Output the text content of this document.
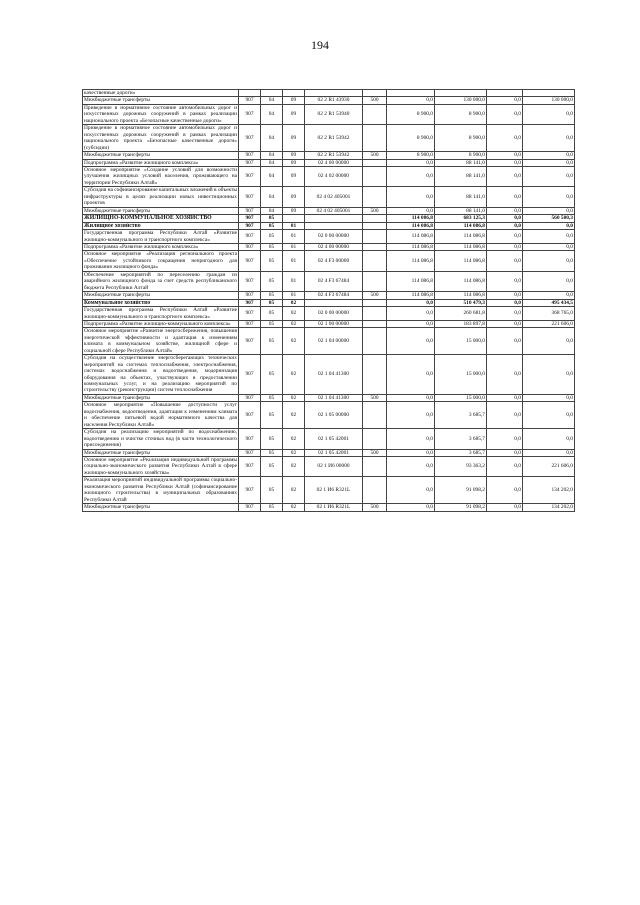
194
качественные дороги»									
Межбюджетные трансферты	907	04	09	02 2 R1 43930	500	0,0	130 000,0	0,0	130 000,0
Приведение в нормативное состояние автомобильных дорог и искусственных дорожных сооружений в рамках реализации национального проекта «Безопасные качественные дороги»	907	04	09	02 2 R1 53940		8 900,0	8 900,0	0,0	0,0
Приведение в нормативное состояние автомобильных дорог и искусственных дорожных сооружений в рамках реализации национального проекта «Безопасные качественные дороги» (субсидии)	907	04	09	02 2 R1 53942		8 900,0	8 900,0	0,0	0,0
Межбюджетные трансферты	907	04	09	02 2 R1 53942	500	8 900,0	8 900,0	0,0	0,0
Подпрограмма «Развитие жилищного комплекса»	907	04	09	02 4 00 00000		0,0	88 141,0	0,0	0,0
Основное мероприятие «Создание условий для возможности улучшения жилищных условий населения, проживающего на территории Республики Алтай»	907	04	09	02 4 02 00000		0,0	88 141,0	0,0	0,0
Субсидия на софинансирование капитальных вложений в объекты инфраструктуры в целях реализации новых инвестиционных проектов	907	04	09	02 4 02 405001		0,0	88 141,0	0,0	0,0
Межбюджетные трансферты	907	04	09	02 4 02 405001	500	0,0	88 141,0	0,0	0,0
ЖИЛИЩНО-КОММУНАЛЬНОЕ ХОЗЯЙСТВО	907	05				114 086,8	683 125,3	0,0	560 500,3
Жилищное хозяйство	907	05	01			114 086,8	114 086,8	0,0	0,0
Государственная программа Республики Алтай «Развитие жилищно-коммунального и транспортного комплекса»	907	05	01	02 0 00 00000		114 086,8	114 086,8	0,0	0,0
Подпрограмма «Развитие жилищного комплекса»	907	05	01	02 4 00 00000		114 086,8	114 086,8	0,0	0,0
Основное мероприятие «Реализация регионального проекта «Обеспечение устойчивого сокращения непригодного для проживания жилищного фонда»	907	05	01	02 4 F3 00000		114 086,8	114 086,8	0,0	0,0
Обеспечение мероприятий по переселению граждан из аварийного жилищного фонда за счет средств республиканского бюджета Республики Алтай	907	05	01	02 4 F3 67484		114 086,8	114 086,8	0,0	0,0
Межбюджетные трансферты	907	05	01	02 4 F3 67484	500	114 086,8	114 086,8	0,0	0,0
Коммунальное хозяйство	907	05	02			0,0	510 479,3	0,0	495 434,5
Государственная программа Республики Алтай «Развитие жилищно-коммунального и транспортного комплекса»	907	05	02	02 0 00 00000		0,0	260 681,8	0,0	368 765,0
Подпрограмма «Развитие жилищно-коммунального комплекса»	907	05	02	02 1 00 00000		0,0	183 897,8	0,0	221 606,0
Основное мероприятие «Развитие энергосбережения, повышения энергетической эффективности и адаптация к изменениям климата в коммунальном хозяйстве, жилищной сфере и социальной сфере Республики Алтай»	907	05	02	02 1 04 00000		0,0	15 000,0	0,0	0,0
Субсидия на осуществление энергосберегающих технических мероприятий на системах теплоснабжения, электроснабжения, системах водоснабжения и водоотведения, модернизация оборудования на объектах, участвующих в предоставлении коммунальных услуг, и на реализацию мероприятий по строительству (реконструкции) систем теплоснабжения	907	05	02	02 1 04 41300		0,0	15 000,0	0,0	0,0
Межбюджетные трансферты	907	05	02	02 1 04 41300	500	0,0	15 000,0	0,0	0,0
Основное мероприятие «Повышение доступности услуг водоснабжения, водоотведения, адаптация к изменениям климата и обеспечение питьевой водой нормативного качества для населения Республики Алтай»	907	05	02	02 1 05 00000		0,0	3 685,7	0,0	0,0
Субсидия на реализацию мероприятий по водоснабжению, водоотведению и очистке сточных вод (в части технологического присоединения)	907	05	02	02 1 05 42001		0,0	3 685,7	0,0	0,0
Межбюджетные трансферты	907	05	02	02 1 05 42001	500	0,0	3 685,7	0,0	0,0
Основное мероприятие «Реализация индивидуальной программы социально-экономического развития Республики Алтай в сфере жилищно-коммунального хозяйства»	907	05	02	02 1 И6 00000		0,0	93 363,2	0,0	221 606,0
Реализация мероприятий индивидуальной программы социально-экономического развития Республики Алтай (софинансирование жилищного строительства) в муниципальных образованиях Республики Алтай	907	05	02	02 1 И6 R321L		0,0	91 098,2	0,0	134 202,0
Межбюджетные трансферты	907	05	02	02 1 И6 R321L	500	0,0	91 098,2	0,0	134 202,0
